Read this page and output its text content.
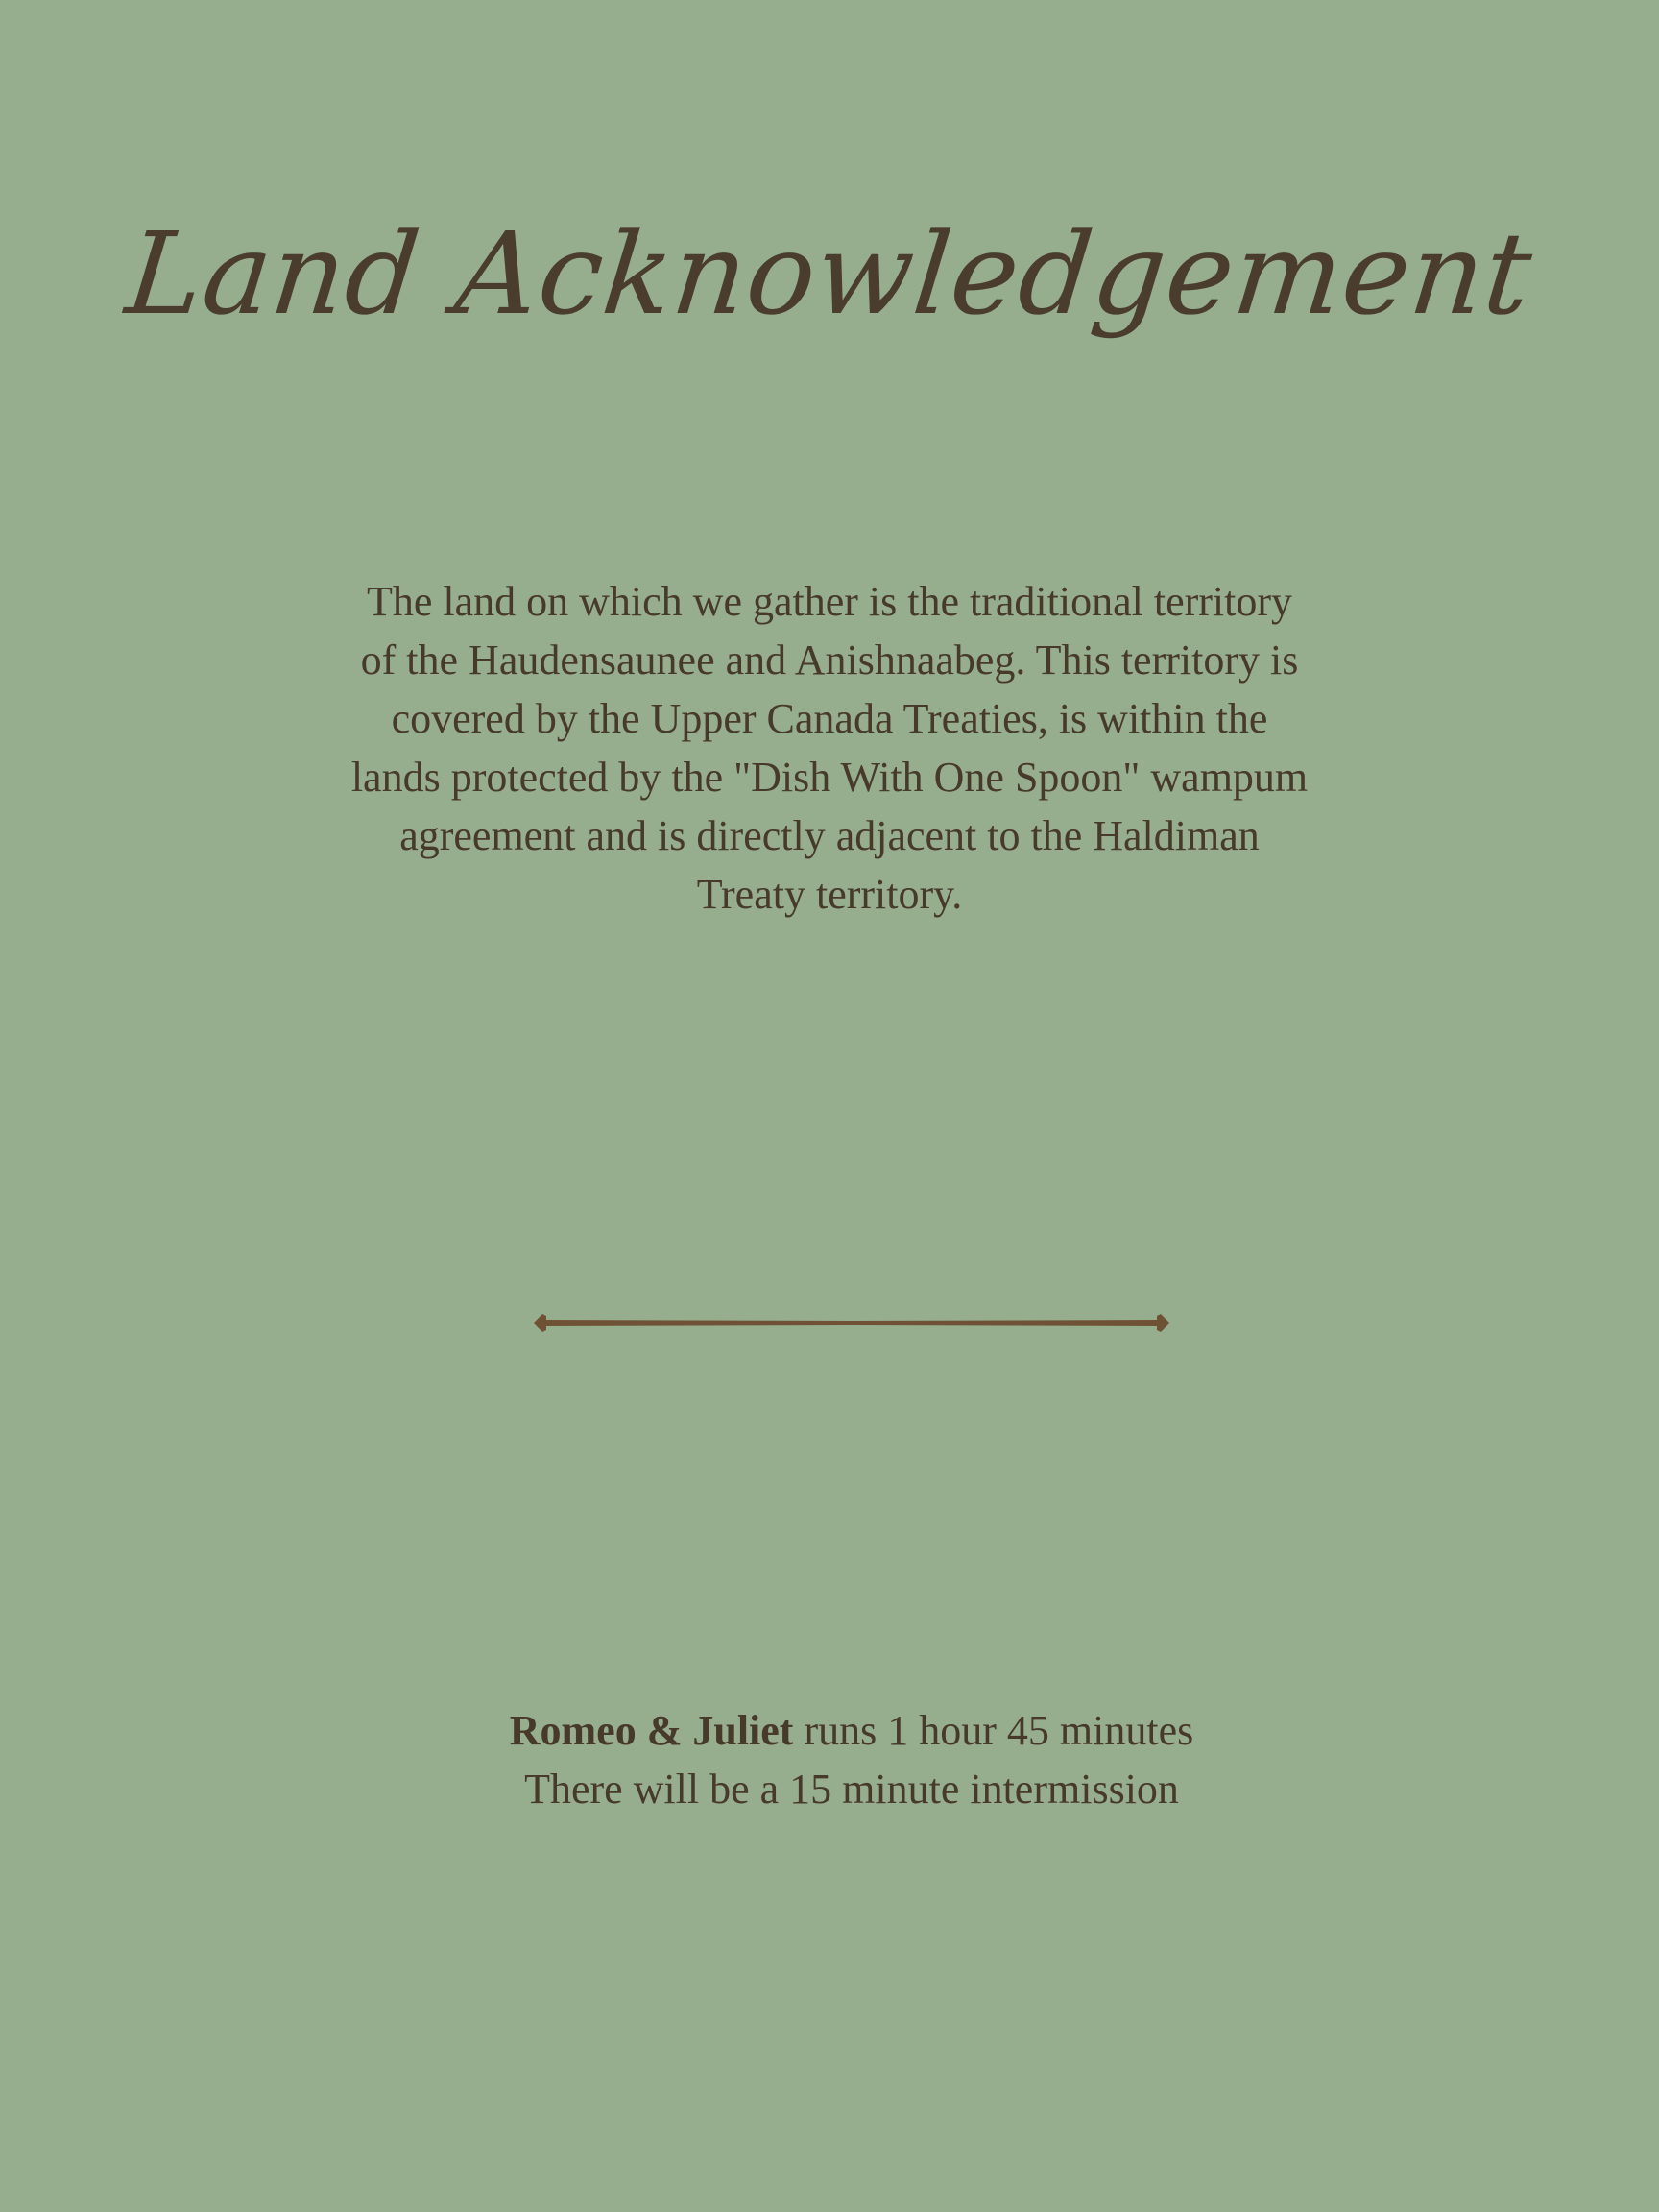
Land Acknowledgement
The land on which we gather is the traditional territory of the Haudensaunee and Anishnaabeg. This territory is covered by the Upper Canada Treaties, is within the lands protected by the "Dish With One Spoon" wampum agreement and is directly adjacent to the Haldiman Treaty territory.
Romeo & Juliet runs 1 hour 45 minutes
There will be a 15 minute intermission
